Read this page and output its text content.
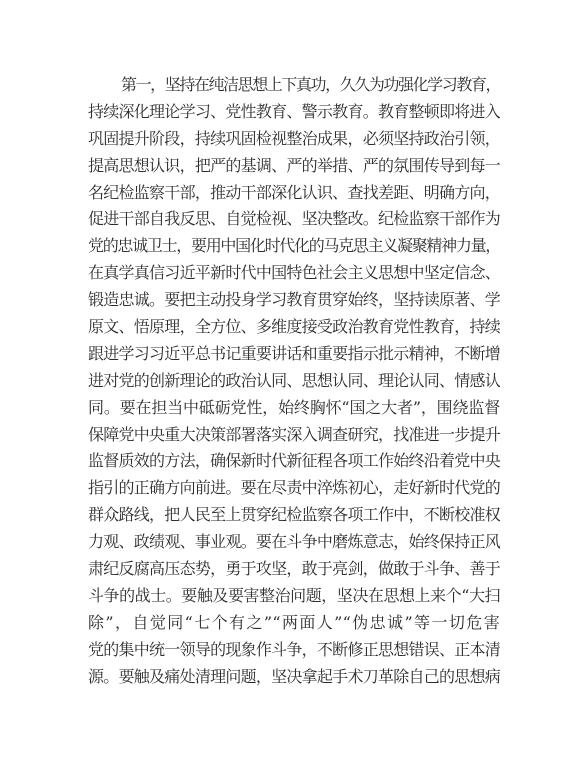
第一，坚持在纯洁思想上下真功，久久为功强化学习教育，
持续深化理论学习、党性教育、警示教育。教育整顿即将进入
巩固提升阶段，持续巩固检视整治成果，必须坚持政治引领，
提高思想认识，把严的基调、严的举措、严的氛围传导到每一
名纪检监察干部，推动干部深化认识、查找差距、明确方向，
促进干部自我反思、自觉检视、坚决整改。纪检监察干部作为
党的忠诚卫士，要用中国化时代化的马克思主义凝聚精神力量，
在真学真信习近平新时代中国特色社会主义思想中坚定信念、
锻造忠诚。要把主动投身学习教育贯穿始终，坚持读原著、学
原文、悟原理，全方位、多维度接受政治教育党性教育，持续
跟进学习习近平总书记重要讲话和重要指示批示精神，不断增
进对党的创新理论的政治认同、思想认同、理论认同、情感认
同。要在担当中砥砺党性，始终胸怀“国之大者”，围绕监督
保障党中央重大决策部署落实深入调查研究，找准进一步提升
监督质效的方法，确保新时代新征程各项工作始终沿着党中央
指引的正确方向前进。要在尽责中淬炼初心，走好新时代党的
群众路线，把人民至上贯穿纪检监察各项工作中，不断校准权
力观、政绩观、事业观。要在斗争中磨炼意志，始终保持正风
肃纪反腐高压态势，勇于攻坚，敢于亮剑，做敢于斗争、善于
斗争的战士。要触及要害整治问题，坚决在思想上来个“大扫
除”，自觉同“七个有之”“两面人”“伪忠诚”等一切危害
党的集中统一领导的现象作斗争，不断修正思想错误、正本清
源。要触及痛处清理问题，坚决拿起手术刀革除自己的思想病
